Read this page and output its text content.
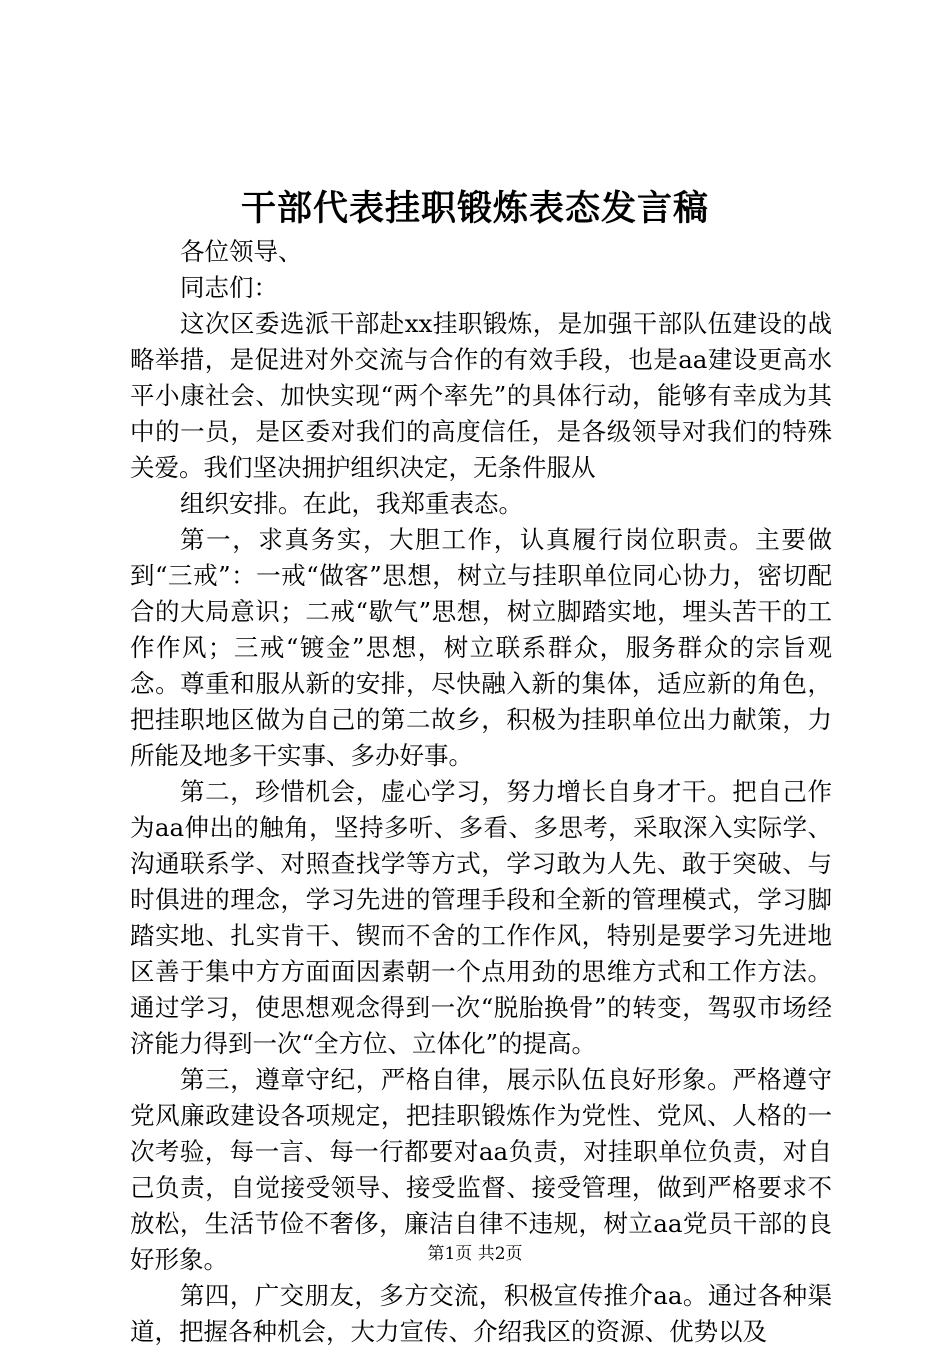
干部代表挂职锻炼表态发言稿
各位领导、
同志们：
这次区委选派干部赴xx挂职锻炼，是加强干部队伍建设的战略举措，是促进对外交流与合作的有效手段，也是aa建设更高水平小康社会、加快实现“两个率先”的具体行动，能够有幸成为其中的一员，是区委对我们的高度信任，是各级领导对我们的特殊关爱。我们坚决拥护组织决定，无条件服从
组织安排。在此，我郑重表态。
第一，求真务实，大胆工作，认真履行岗位职责。主要做到“三戒”：一戒“做客”思想，树立与挂职单位同心协力，密切配合的大局意识；二戒“歇气”思想，树立脚踏实地，埋头苦干的工作作风；三戒“镀金”思想，树立联系群众，服务群众的宗旨观念。尊重和服从新的安排，尽快融入新的集体，适应新的角色，把挂职地区做为自己的第二故乡，积极为挂职单位出力献策，力所能及地多干实事、多办好事。
第二，珍惜机会，虚心学习，努力增长自身才干。把自己作为aa伸出的触角，坚持多听、多看、多思考，采取深入实际学、沟通联系学、对照查找学等方式，学习敢为人先、敢于突破、与时俱进的理念，学习先进的管理手段和全新的管理模式，学习脚踏实地、扎实肯干、锲而不舍的工作作风，特别是要学习先进地区善于集中方方面面因素朝一个点用劲的思维方式和工作方法。通过学习，使思想观念得到一次“脱胎换骨”的转变，驾驭市场经济能力得到一次“全方位、立体化”的提高。
第三，遵章守纪，严格自律，展示队伍良好形象。严格遵守党风廉政建设各项规定，把挂职锻炼作为党性、党风、人格的一次考验，每一言、每一行都要对aa负责，对挂职单位负责，对自己负责，自觉接受领导、接受监督、接受管理，做到严格要求不放松，生活节俭不奢侈，廉洁自律不违规，树立aa党员干部的良好形象。
第四，广交朋友，多方交流，积极宣传推介aa。通过各种渠道，把握各种机会，大力宣传、介绍我区的资源、优势以及
第1页 共2页
